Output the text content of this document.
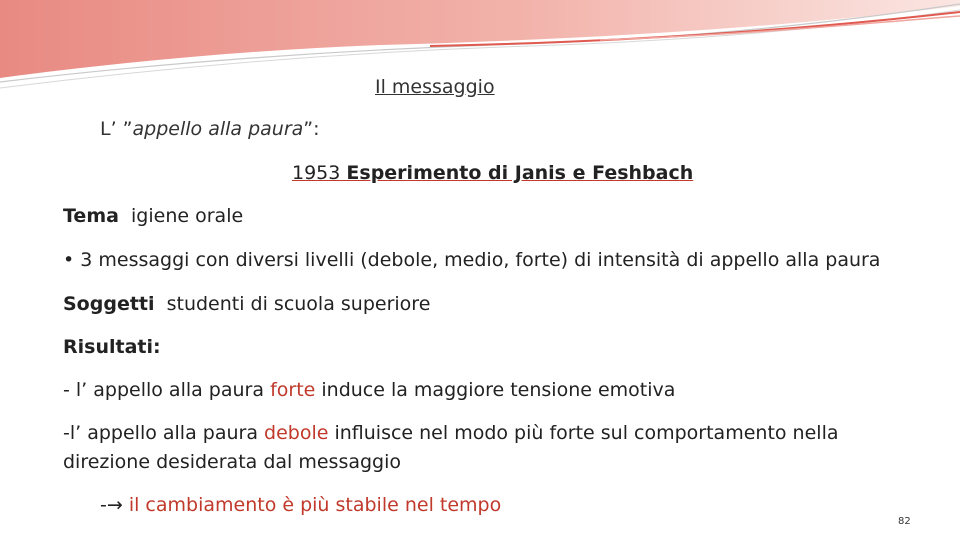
Il messaggio
L’ ”appello alla paura”:
1953 Esperimento di Janis e Feshbach
Tema  igiene orale
• 3 messaggi con diversi livelli (debole, medio, forte) di intensità di appello alla paura
Soggetti  studenti di scuola superiore
Risultati:
- l’ appello alla paura forte induce la maggiore tensione emotiva
-l’ appello alla paura debole influisce nel modo più forte sul comportamento nella
direzione desiderata dal messaggio
-→ il cambiamento è più stabile nel tempo
82
